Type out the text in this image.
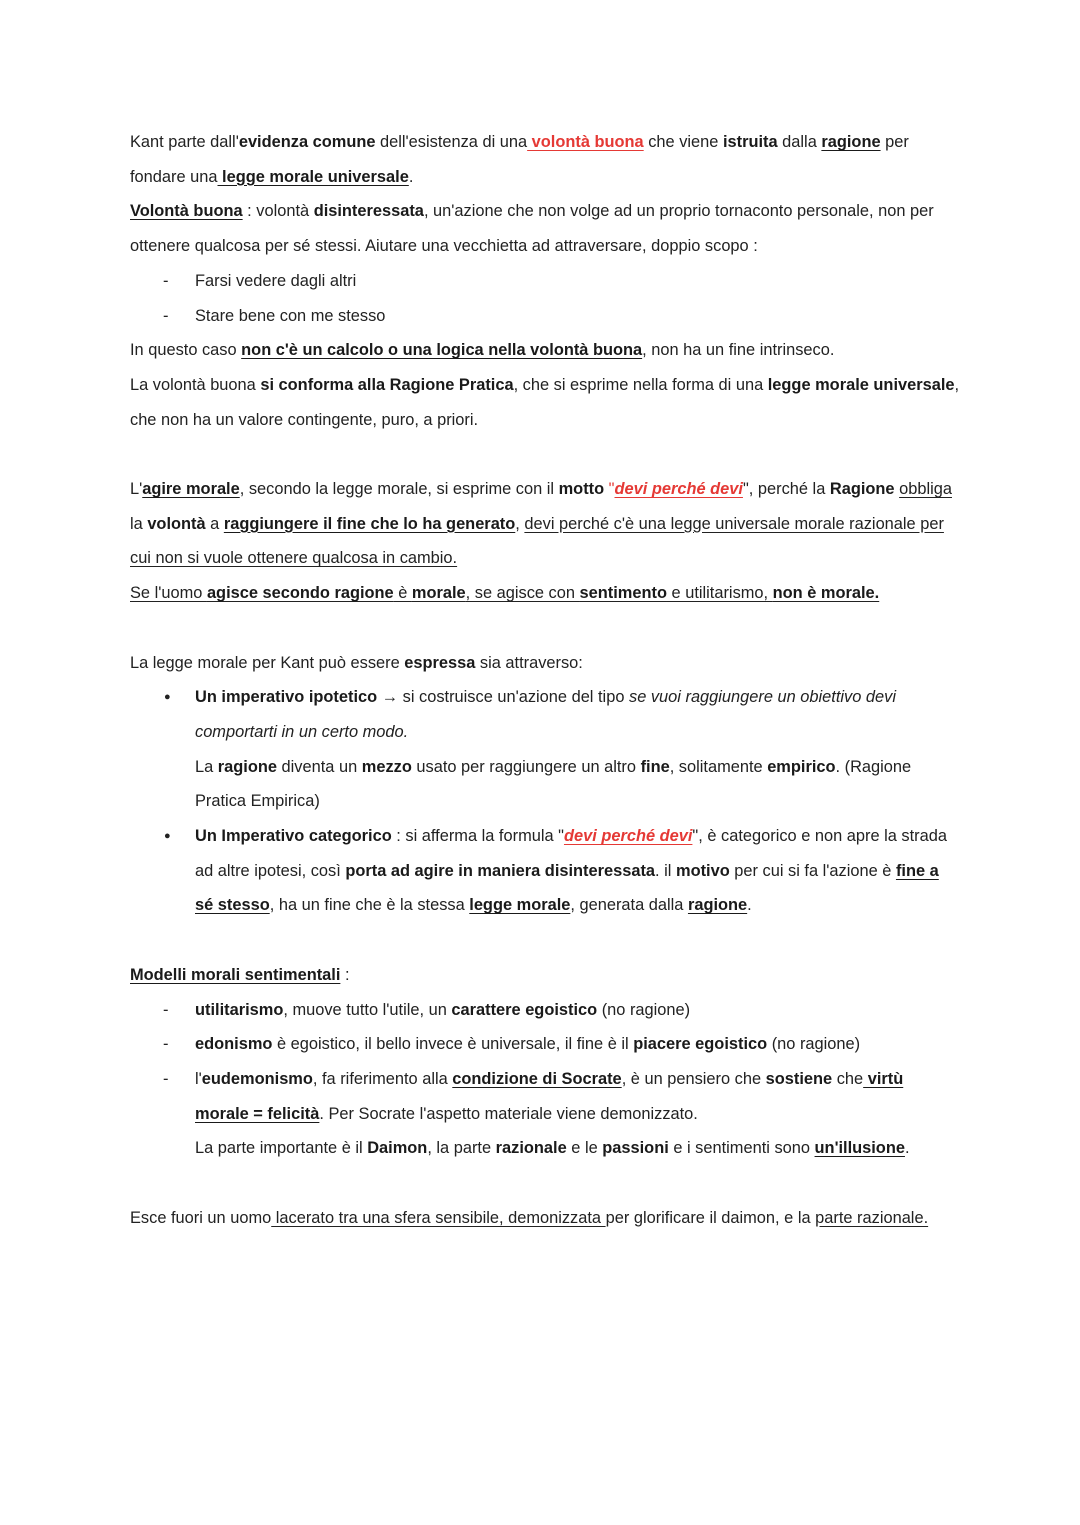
Kant parte dall'evidenza comune dell'esistenza di una volontà buona che viene istruita dalla ragione per fondare una legge morale universale.

Volontà buona : volontà disinteressata, un'azione che non volge ad un proprio tornaconto personale, non per ottenere qualcosa per sé stessi. Aiutare una vecchietta ad attraversare, doppio scopo :

- Farsi vedere dagli altri
- Stare bene con me stesso

In questo caso non c'è un calcolo o una logica nella volontà buona, non ha un fine intrinseco.

La volontà buona si conforma alla Ragione Pratica, che si esprime nella forma di una legge morale universale, che non ha un valore contingente, puro, a priori.

L'agire morale, secondo la legge morale, si esprime con il motto "devi perché devi", perché la Ragione obbliga la volontà a raggiungere il fine che lo ha generato, devi perché c'è una legge universale morale razionale per cui non si vuole ottenere qualcosa in cambio.

Se l'uomo agisce secondo ragione è morale, se agisce con sentimento e utilitarismo, non è morale.

La legge morale per Kant può essere espressa sia attraverso:

● Un imperativo ipotetico → si costruisce un'azione del tipo se vuoi raggiungere un obiettivo devi comportarti in un certo modo.
La ragione diventa un mezzo usato per raggiungere un altro fine, solitamente empirico. (Ragione Pratica Empirica)
● Un Imperativo categorico : si afferma la formula "devi perché devi", è categorico e non apre la strada ad altre ipotesi, così porta ad agire in maniera disinteressata. il motivo per cui si fa l'azione è fine a sé stesso, ha un fine che è la stessa legge morale, generata dalla ragione.

Modelli morali sentimentali :

- utilitarismo, muove tutto l'utile, un carattere egoistico (no ragione)
- edonismo è egoistico, il bello invece è universale, il fine è il piacere egoistico (no ragione)
- l'eudemonismo, fa riferimento alla condizione di Socrate, è un pensiero che sostiene che virtù morale = felicità. Per Socrate l'aspetto materiale viene demonizzato.
La parte importante è il Daimon, la parte razionale e le passioni e i sentimenti sono un'illusione.

Esce fuori un uomo lacerato tra una sfera sensibile, demonizzata per glorificare il daimon, e la parte razionale.
